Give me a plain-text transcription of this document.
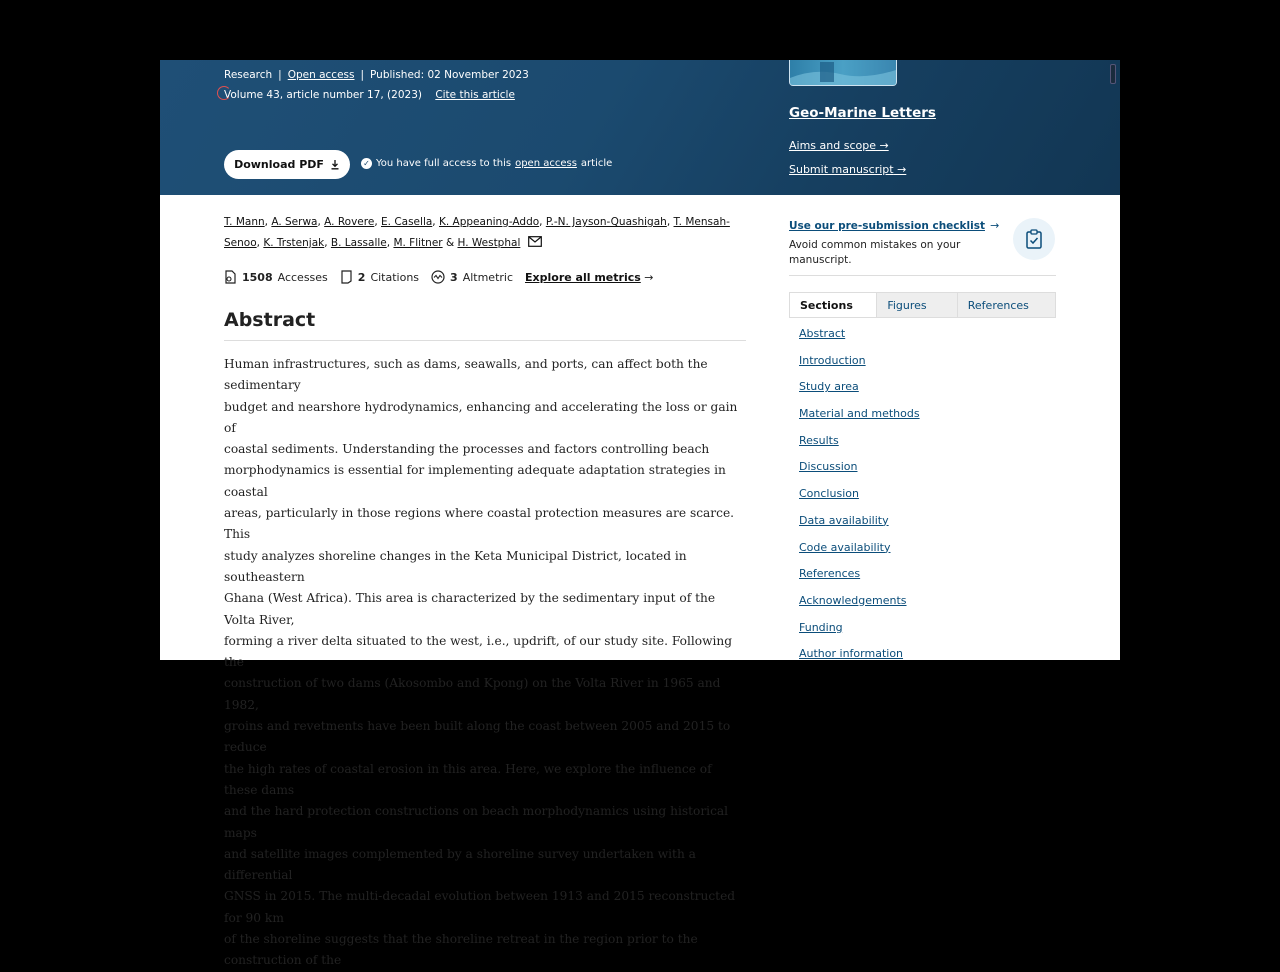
Research | Open access | Published: 02 November 2023
Volume 43, article number 17, (2023) Cite this article
Download PDF	✓ You have full access to this open access article
Geo-Marine Letters
Aims and scope →
Submit manuscript →
T. Mann, A. Serwa, A. Rovere, E. Casella, K. Appeaning-Addo, P.-N. Jayson-Quashigah, T. Mensah-Senoo, K. Trstenjak, B. Lassalle, M. Flitner & H. Westphal
1508 Accesses	2 Citations	3 Altmetric Explore all metrics →
Abstract
Human infrastructures, such as dams, seawalls, and ports, can affect both the sedimentary
budget and nearshore hydrodynamics, enhancing and accelerating the loss or gain of
coastal sediments. Understanding the processes and factors controlling beach
morphodynamics is essential for implementing adequate adaptation strategies in coastal
areas, particularly in those regions where coastal protection measures are scarce. This
study analyzes shoreline changes in the Keta Municipal District, located in southeastern
Ghana (West Africa). This area is characterized by the sedimentary input of the Volta River,
forming a river delta situated to the west, i.e., updrift, of our study site. Following the
construction of two dams (Akosombo and Kpong) on the Volta River in 1965 and 1982,
groins and revetments have been built along the coast between 2005 and 2015 to reduce
the high rates of coastal erosion in this area. Here, we explore the influence of these dams
and the hard protection constructions on beach morphodynamics using historical maps
and satellite images complemented by a shoreline survey undertaken with a differential
GNSS in 2015. The multi-decadal evolution between 1913 and 2015 reconstructed for 90 km
of the shoreline suggests that the shoreline retreat in the region prior to the construction of the
Use our pre-submission checklist →
Avoid common mistakes on your manuscript.
Sections	Figures	References
Abstract
Introduction
Study area
Material and methods
Results
Discussion
Conclusion
Data availability
Code availability
References
Acknowledgements
Funding
Author information
